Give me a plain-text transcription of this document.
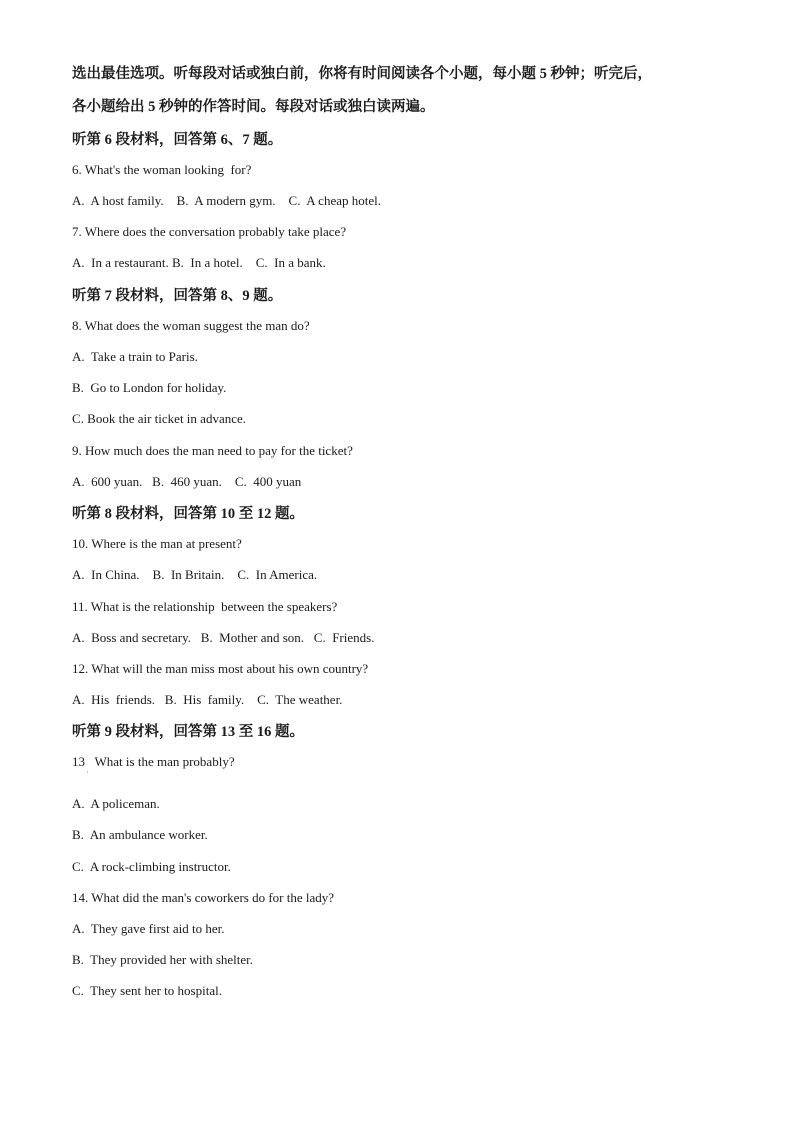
选出最佳选项。听每段对话或独白前，你将有时间阅读各个小题，每小题 5 秒钟；听完后，

各小题给出 5 秒钟的作答时间。每段对话或独白读两遍。

听第 6 段材料，回答第 6、7 题。

6. What's the woman looking  for?

A.  A host family.    B.  A modern gym.    C.  A cheap hotel.

7. Where does the conversation probably take place?

A.  In a restaurant. B.  In a hotel.    C.  In a bank.

听第 7 段材料，回答第 8、9 题。

8. What does the woman suggest the man do?

A.  Take a train to Paris.

B.  Go to London for holiday.

C. Book the air ticket in advance.

9. How much does the man need to pay for the ticket?

A.  600 yuan.   B.  460 yuan.    C.  400 yuan

听第 8 段材料，回答第 10 至 12 题。

10. Where is the man at present?

A.  In China.    B.  In Britain.    C.  In America.

11. What is the relationship  between the speakers?

A.  Boss and secretary.   B.  Mother and son.   C.  Friends.

12. What will the man miss most about his own country?

A.  His  friends.   B.  His  family.    C.  The weather.

听第 9 段材料，回答第 13 至 16 题。

13   What is the man probably?

A.  A policeman.

B.  An ambulance worker.

C.  A rock-climbing instructor.

14. What did the man's coworkers do for the lady?

A.  They gave first aid to her.

B.  They provided her with shelter.

C.  They sent her to hospital.

˙
